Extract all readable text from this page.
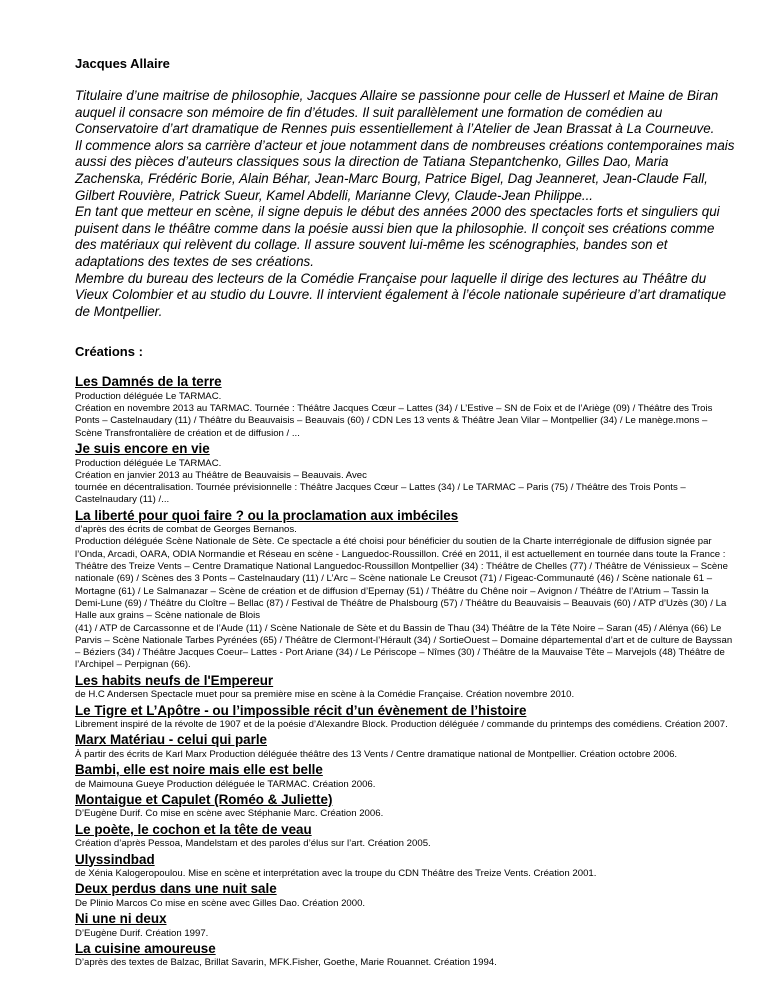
Jacques Allaire

Titulaire d’une maitrise de philosophie, Jacques Allaire se passionne pour celle de Husserl et Maine de Biran auquel il consacre son mémoire de fin d’études. Il suit parallèlement une formation de comédien au Conservatoire d’art dramatique de Rennes puis essentiellement à l’Atelier de Jean Brassat à La Courneuve.
Il commence alors sa carrière d’acteur et joue notamment dans de nombreuses créations contemporaines mais aussi des pièces d’auteurs classiques sous la direction de Tatiana Stepantchenko, Gilles Dao, Maria Zachenska, Frédéric Borie, Alain Béhar, Jean-Marc Bourg, Patrice Bigel, Dag Jeanneret, Jean-Claude Fall, Gilbert Rouvière, Patrick Sueur, Kamel Abdelli, Marianne Clevy, Claude-Jean Philippe...
En tant que metteur en scène, il signe depuis le début des années 2000 des spectacles forts et singuliers qui puisent dans le théâtre comme dans la poésie aussi bien que la philosophie. Il conçoit ses créations comme des matériaux qui relèvent du collage. Il assure souvent lui-même les scénographies, bandes son et adaptations des textes de ses créations.
Membre du bureau des lecteurs de la Comédie Française pour laquelle il dirige des lectures au Théâtre du Vieux Colombier et au studio du Louvre. Il intervient également à l’école nationale supérieure d’art dramatique de Montpellier.

Créations :

Les Damnés de la terre
Production déléguée Le TARMAC.
Création en novembre 2013 au TARMAC. Tournée : Théâtre Jacques Cœur – Lattes (34) / L’Estive – SN de Foix et de l’Ariège (09) / Théâtre des Trois Ponts – Castelnaudary (11) / Théâtre du Beauvaisis – Beauvais (60) / CDN Les 13 vents & Théâtre Jean Vilar – Montpellier (34) / Le manège.mons – Scène Transfrontalière de création et de diffusion / ...
Je suis encore en vie
Production déléguée Le TARMAC.
Création en janvier 2013 au Théâtre de Beauvaisis – Beauvais. Avec
tournée en décentralisation. Tournée prévisionnelle : Théâtre Jacques Cœur – Lattes (34) / Le TARMAC – Paris (75) / Théâtre des Trois Ponts – Castelnaudary (11) /...
La liberté pour quoi faire ? ou la proclamation aux imbéciles
d’après des écrits de combat de Georges Bernanos.
Production déléguée Scène Nationale de Sète. Ce spectacle a été choisi pour bénéficier du soutien de la Charte interrégionale de diffusion signée par l’Onda, Arcadi, OARA, ODIA Normandie et Réseau en scène - Languedoc-Roussillon. Créé en 2011, il est actuellement en tournée dans toute la France : Théâtre des Treize Vents – Centre Dramatique National Languedoc-Roussillon Montpellier (34) : Théâtre de Chelles (77) / Théâtre de Vénissieux – Scène nationale (69) / Scènes des 3 Ponts – Castelnaudary (11) / L’Arc – Scène nationale Le Creusot (71) / Figeac-Communauté (46) / Scène nationale 61 – Mortagne (61) / Le Salmanazar – Scène de création et de diffusion d’Epernay (51) / Théâtre du Chêne noir – Avignon / Théâtre de l’Atrium – Tassin la Demi-Lune (69) / Théâtre du Cloître – Bellac (87) / Festival de Théâtre de Phalsbourg (57) / Théâtre du Beauvaisis – Beauvais (60) / ATP d’Uzès (30) / La Halle aux grains – Scène nationale de Blois
(41) / ATP de Carcassonne et de l’Aude (11) / Scène Nationale de Sète et du Bassin de Thau (34) Théâtre de la Tête Noire – Saran (45) / Alénya (66) Le Parvis – Scène Nationale Tarbes Pyrénées (65) / Théâtre de Clermont-l’Hérault (34) / SortieOuest – Domaine départemental d’art et de culture de Bayssan – Béziers (34) / Théâtre Jacques Coeur– Lattes - Port Ariane (34) / Le Périscope – Nîmes (30) / Théâtre de la Mauvaise Tête – Marvejols (48) Théâtre de l’Archipel – Perpignan (66).
Les habits neufs de l'Empereur
de H.C Andersen Spectacle muet pour sa première mise en scène à la Comédie Française. Création novembre 2010.
Le Tigre et L’Apôtre - ou l’impossible récit d’un évènement de l’histoire
Librement inspiré de la révolte de 1907 et de la poésie d’Alexandre Block. Production déléguée / commande du printemps des comédiens. Création 2007.
Marx Matériau - celui qui parle
À partir des écrits de Karl Marx Production déléguée théâtre des 13 Vents / Centre dramatique national de Montpellier. Création octobre 2006.
Bambi, elle est noire mais elle est belle
de Maimouna Gueye Production déléguée le TARMAC. Création 2006.
Montaigue et Capulet (Roméo & Juliette)
D’Eugène Durif. Co mise en scène avec Stéphanie Marc. Création 2006.
Le poète, le cochon et la tête de veau
Création d’après Pessoa, Mandelstam et des paroles d’élus sur l’art. Création 2005.
Ulyssindbad
de Xénia Kalogeropoulou. Mise en scène et interprétation avec la troupe du CDN Théâtre des Treize Vents. Création 2001.
Deux perdus dans une nuit sale
De Plinio Marcos Co mise en scène avec Gilles Dao. Création 2000.
Ni une ni deux
D’Eugène Durif. Création 1997.
La cuisine amoureuse
D’après des textes de Balzac, Brillat Savarin, MFK.Fisher, Goethe, Marie Rouannet. Création 1994.
